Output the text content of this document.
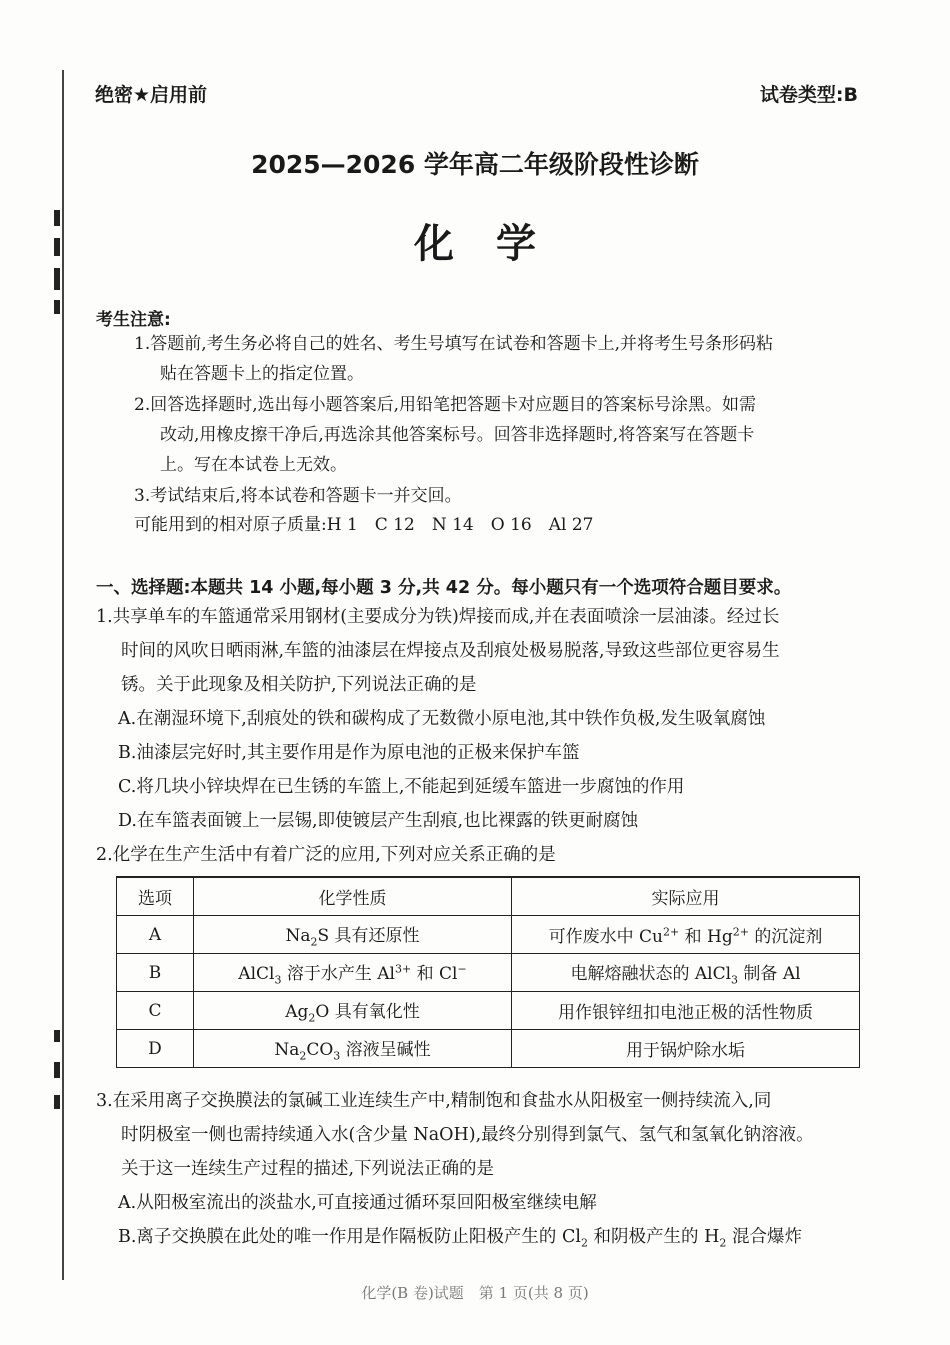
绝密★启用前	试卷类型:B
2025—2026 学年高二年级阶段性诊断
化学
考生注意:
1.答题前,考生务必将自己的姓名、考生号填写在试卷和答题卡上,并将考生号条形码粘
贴在答题卡上的指定位置。
2.回答选择题时,选出每小题答案后,用铅笔把答题卡对应题目的答案标号涂黑。如需
改动,用橡皮擦干净后,再选涂其他答案标号。回答非选择题时,将答案写在答题卡
上。写在本试卷上无效。
3.考试结束后,将本试卷和答题卡一并交回。
可能用到的相对原子质量:H 1　C 12　N 14　O 16　Al 27
一、选择题:本题共 14 小题,每小题 3 分,共 42 分。每小题只有一个选项符合题目要求。
1.共享单车的车篮通常采用钢材(主要成分为铁)焊接而成,并在表面喷涂一层油漆。经过长
时间的风吹日晒雨淋,车篮的油漆层在焊接点及刮痕处极易脱落,导致这些部位更容易生
锈。关于此现象及相关防护,下列说法正确的是
A.在潮湿环境下,刮痕处的铁和碳构成了无数微小原电池,其中铁作负极,发生吸氧腐蚀
B.油漆层完好时,其主要作用是作为原电池的正极来保护车篮
C.将几块小锌块焊在已生锈的车篮上,不能起到延缓车篮进一步腐蚀的作用
D.在车篮表面镀上一层锡,即使镀层产生刮痕,也比裸露的铁更耐腐蚀
2.化学在生产生活中有着广泛的应用,下列对应关系正确的是
选项	化学性质	实际应用
A	$Na_2S$ 具有还原性	可作废水中 $Cu^{2+}$ 和 $Hg^{2+}$ 的沉淀剂
B	AlCl$_3$ 溶于水产生 $Al^{3+}$ 和 Cl−	电解熔融状态的 AlCl$_3$ 制备 Al
C	$Ag_2O$ 具有氧化性	用作银锌纽扣电池正极的活性物质
D	$Na_2CO_3$ 溶液呈碱性	用于锅炉除水垢
3.在采用离子交换膜法的氯碱工业连续生产中,精制饱和食盐水从阳极室一侧持续流入,同
时阴极室一侧也需持续通入水(含少量 NaOH),最终分别得到氯气、氢气和氢氧化钠溶液。
关于这一连续生产过程的描述,下列说法正确的是
A.从阳极室流出的淡盐水,可直接通过循环泵回阳极室继续电解
B.离子交换膜在此处的唯一作用是作隔板防止阳极产生的 $Cl_2$ 和阴极产生的 $H_2$ 混合爆炸
化学(B 卷)试题　第 1 页(共 8 页)
